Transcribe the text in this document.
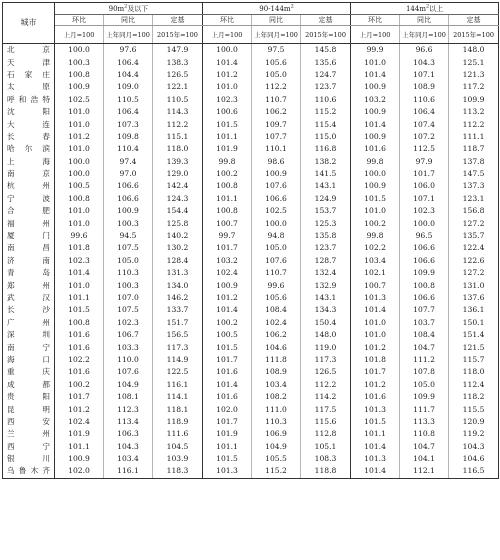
城市	$90m^2$及以下			$90-144m^2$			$144m^2$以上		
	环比	同比	定基	环比	同比	定基	环比	同比	定基
	上月=100	上年同月=100	2015年=100	上月=100	上年同月=100	2015年=100	上月=100	上年同月=100	2015年=100
北京	100.0	97.6	147.9	100.0	97.5	145.8	99.9	96.6	148.0
天津	100.3	106.4	138.3	101.4	105.6	135.6	101.0	104.3	125.1
石家庄	100.8	104.4	126.5	101.2	105.0	124.7	101.4	107.1	121.3
太原	100.9	109.0	122.1	101.0	112.2	123.7	100.9	108.9	117.2
呼和浩特	102.5	110.5	110.5	102.3	110.7	110.6	103.2	110.6	109.9
沈阳	101.0	106.4	114.3	100.6	106.2	115.2	100.9	106.4	113.2
大连	101.0	107.3	112.2	101.5	109.7	115.4	101.4	107.4	112.2
长春	101.2	109.8	115.1	101.1	107.7	115.0	100.9	107.2	111.1
哈尔滨	101.0	110.4	118.0	101.9	110.1	116.8	101.6	112.5	118.7
上海	100.0	97.4	139.3	99.8	98.6	138.2	99.8	97.9	137.8
南京	100.0	97.0	129.0	100.2	100.9	141.5	100.0	101.7	147.5
杭州	100.5	106.6	142.4	100.8	107.6	143.1	100.9	106.0	137.3
宁波	100.8	106.6	124.3	101.1	106.6	124.9	101.5	107.1	123.1
合肥	101.0	100.9	154.4	100.8	102.5	153.7	101.0	102.3	156.8
福州	101.0	100.3	125.8	100.7	100.0	125.3	100.2	100.0	127.2
厦门	99.6	94.5	140.2	99.7	94.8	135.8	99.8	96.5	135.7
南昌	101.8	107.5	130.2	101.7	105.0	123.7	102.2	106.6	122.4
济南	102.3	105.0	128.4	103.2	107.6	128.7	103.4	106.6	122.6
青岛	101.4	110.3	131.3	102.4	110.7	132.4	102.1	109.9	127.2
郑州	101.0	100.3	134.0	100.9	99.6	132.9	100.7	100.8	131.0
武汉	101.1	107.0	146.2	101.2	105.6	143.1	101.3	106.6	137.6
长沙	101.5	107.5	133.7	101.4	108.4	134.3	101.4	107.7	136.1
广州	100.8	102.3	151.7	100.2	102.4	150.4	101.0	103.7	150.1
深圳	101.6	106.7	156.5	100.5	106.2	148.0	101.0	108.4	151.4
南宁	101.6	103.3	117.3	101.5	104.6	119.0	101.2	104.7	121.5
海口	102.2	110.0	114.9	101.7	111.8	117.3	101.8	111.2	115.7
重庆	101.6	107.6	122.5	101.6	108.9	126.5	101.7	107.8	118.0
成都	100.2	104.9	116.1	101.4	103.4	112.2	101.2	105.0	112.4
贵阳	101.7	108.1	114.1	101.6	108.2	114.2	101.6	109.9	118.2
昆明	101.2	112.3	118.1	102.0	111.0	117.5	101.3	111.7	115.5
西安	102.4	113.4	118.9	101.7	110.3	115.6	101.5	113.3	120.9
兰州	101.9	106.3	111.6	101.9	106.9	112.8	101.1	110.8	119.2
西宁	101.1	104.3	104.5	101.1	104.9	105.1	101.4	104.7	104.3
银川	100.9	103.4	103.9	101.5	105.5	108.3	101.3	104.1	104.6
乌鲁木齐	102.0	116.1	118.3	101.3	115.2	118.8	101.4	112.1	116.5
